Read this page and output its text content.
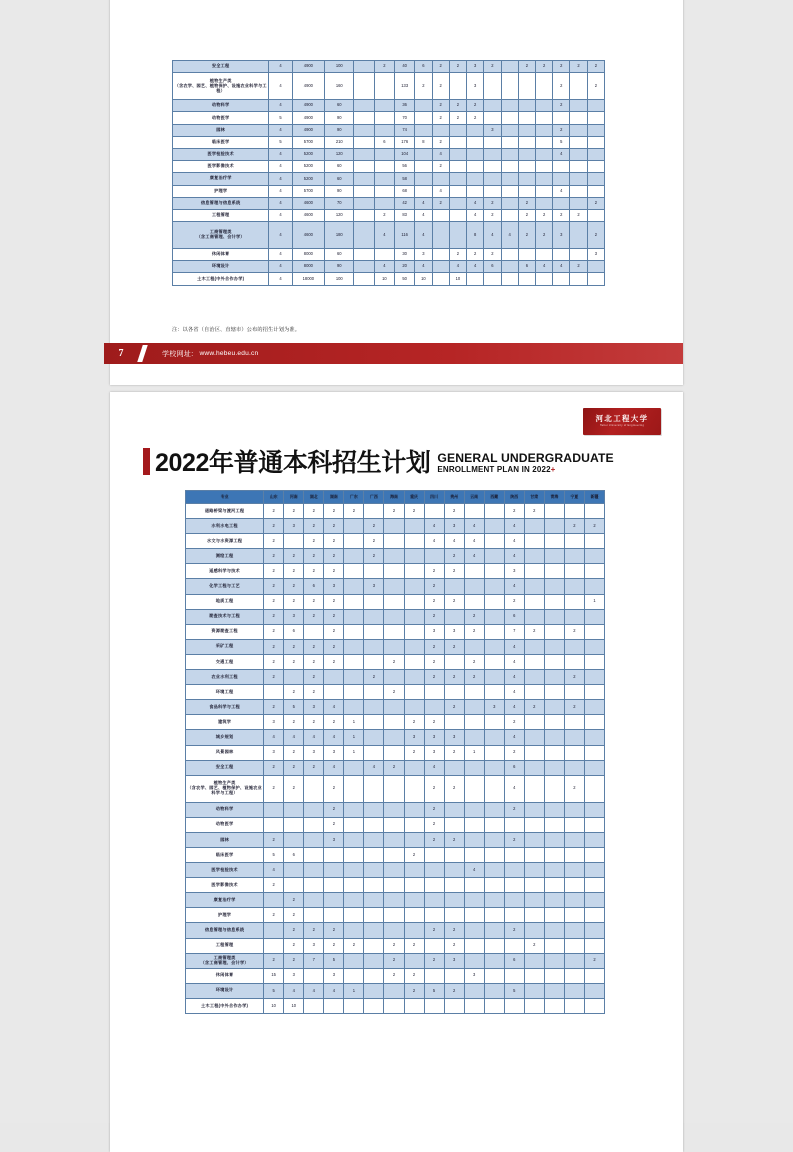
安全工程	4	4900	100		2	40	6	2	2	3	2		2	2	2	2	2
植物生产类
（含农学、园艺、植物保护、设施农业科学与工程）	4	4900	160			133	2	2		3					2		2
动物科学	4	4900	60			36		2	2	2					2		
动物医学	5	4900	90			70		2	2	2							
园林	4	4900	90			74					3				2		
临床医学	5	5700	210		6	176	8	2							5		
医学检验技术	4	5200	120			104		4							4		
医学影像技术	4	5200	60			56		2									
康复治疗学	4	5200	60			58											
护理学	4	5700	90			68		4							4		
信息管理与信息系统	4	4600	70			42	4	2		4	2		2				2
工程管理	4	4600	120		2	83	4			4	2		2	2	2	2	
工商管理类
（含工商管理、会计学）	4	4600	180		4	116	4			8	4	4	2	2	3		2
休闲体育	4	8000	60			30	3		2	2	2						3
环境设计	4	8000	90		4	20	4		4	4	6		6	4	4	2	
土木工程(中外合作办学)	4	18000	100		10	50	10		10								
注：以各省（自治区、直辖市）公布的招生计划为准。
7	学校网址: www.hebeu.edu.cn
河北工程大学
Hebei University of Engineering
2022年普通本科招生计划 GENERAL UNDERGRADUATE
ENROLLMENT PLAN IN 2022+
专业	山东	河南	湖北	湖南	广东	广西	海南	重庆	四川	贵州	云南	西藏	陕西	甘肃	青海	宁夏	新疆
道路桥梁与渡河工程	2	2	2	2	2		2	2		2			2	2			
水利水电工程	2	3	2	2		2			4	3	4		4			2	2
水文与水资源工程	2		2	2		2			4	4	4		4				
测绘工程	2	2	2	2		2				2	4		4				
遥感科学与技术	2	2	2	2					2	2			3				
化学工程与工艺	2	2	6	3		3			2				4				
地质工程	2	2	2	2					2	2			2				1
勘查技术与工程	2	3	2	2					2		2		6				
资源勘查工程	2	6		2					3	3	2		7	2		2	
采矿工程	2	2	2	2					2	2			4				
交通工程	2	2	2	2			2		2		2		4				
农业水利工程	2		2			2			2	2	2		4			2	
环境工程		2	2				2						4				
食品科学与工程	2	5	3	4						2		3	4	2		2	
建筑学	3	2	2	2	1			2	2				2				
城乡规划	4	4	4	4	1			3	3	3			4				
风景园林	3	2	3	3	1			2	3	2	1		2				
安全工程	2	2	2	4		4	2		4				6				
植物生产类
（含农学、园艺、植物保护、设施农业科学与工程）	2	2		2					2	2			4			2	
动物科学				2					2				2				
动物医学				2					2								
园林	2			3					2	2			2				
临床医学	5	6						2									
医学检验技术	4										4						
医学影像技术	2																
康复治疗学		2															
护理学	2	2															
信息管理与信息系统		2	2	2					2	2			2				
工程管理		2	3	2	2		2	2		2				2			
工商管理类
（含工商管理、会计学）	2	2	7	5			2		2	3			6				2
休闲体育	15	3		3			2	2			3						
环境设计	5	4	4	4	1			2	5	2			5				
土木工程(中外合作办学)	10	10															
